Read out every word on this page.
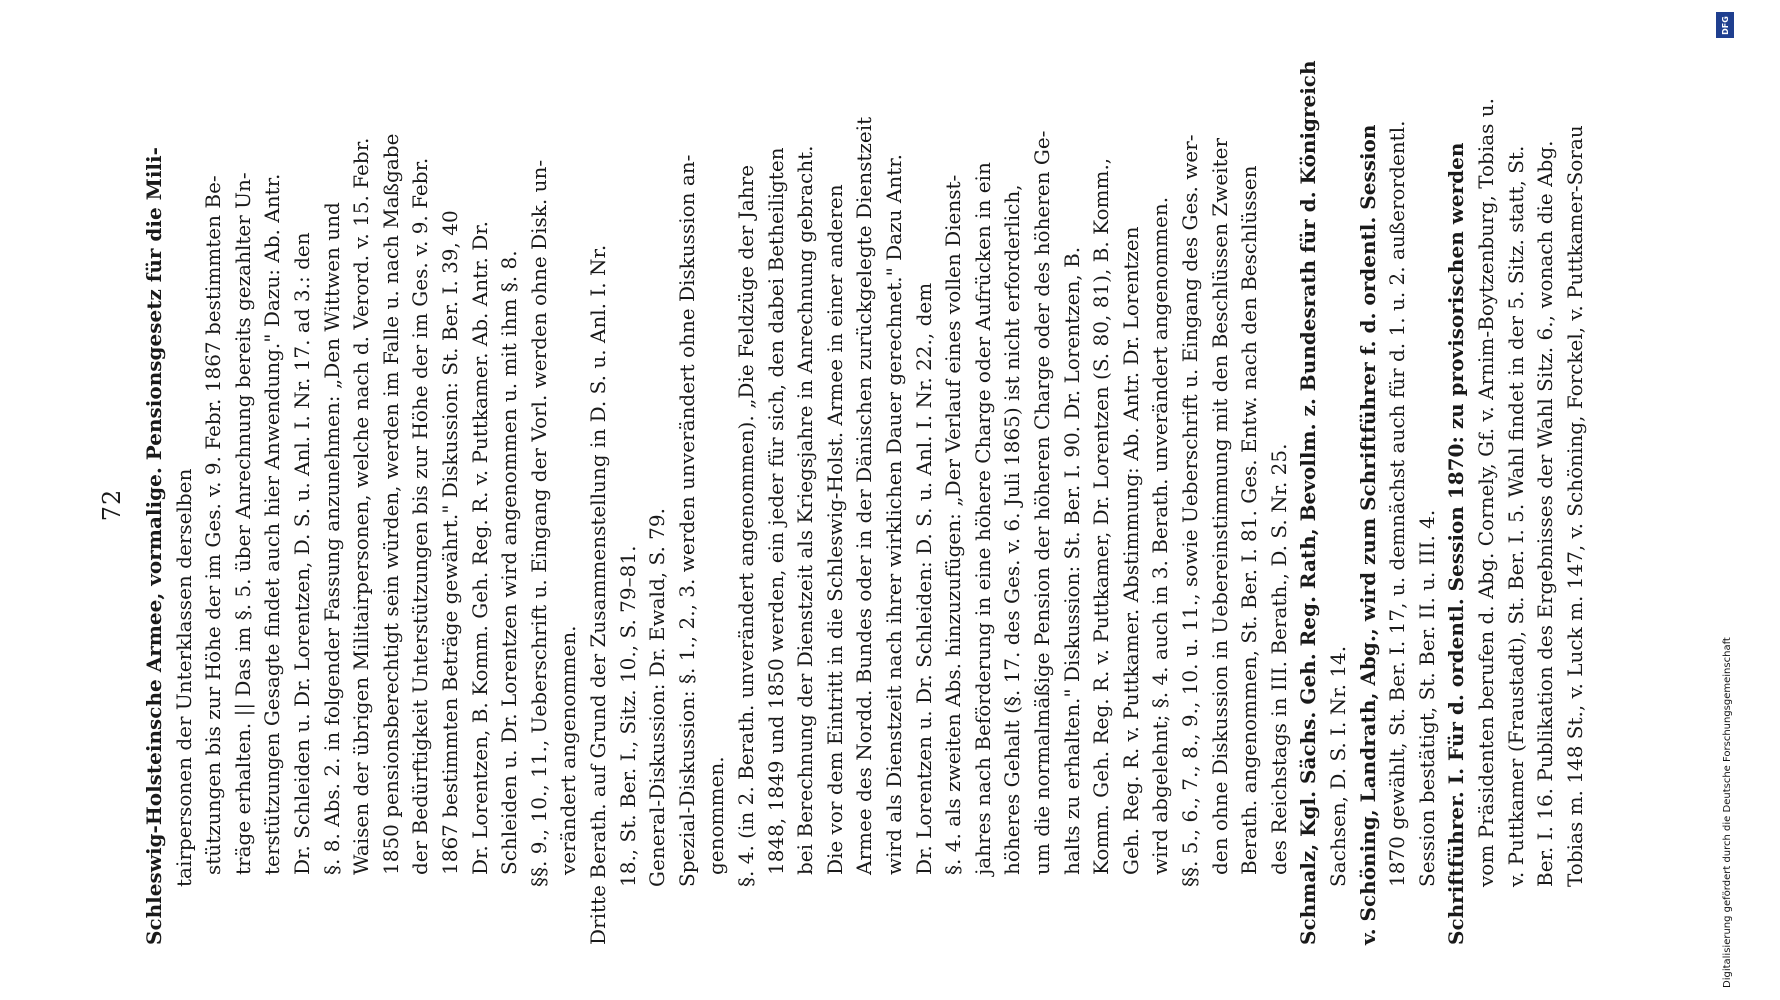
72 Schleswig-Holsteinsche Armee, vormalige. Pensionsgesetz für die Mili- tairpersonen der Unterklassen derselben stützungen bis zur Höhe der im Ges. v. 9. Febr. 1867 bestimmten Be- träge erhalten. || Das im §. 5. über Anrechnung bereits gezahlter Un- terstützungen Gesagte findet auch hier Anwendung." Dazu: Ab. Antr. Dr. Schleiden u. Dr. Lorentzen, D. S. u. Anl. I. Nr. 17. ad 3.: den §. 8. Abs. 2. in folgender Fassung anzunehmen: „Den Wittwen und Waisen der übrigen Militairpersonen, welche nach d. Verord. v. 15. Febr. 1850 pensionsberechtigt sein würden, werden im Falle u. nach Maßgabe der Bedürftigkeit Unterstützungen bis zur Höhe der im Ges. v. 9. Febr. 1867 bestimmten Beträge gewährt." Diskussion: St. Ber. I. 39, 40 Dr. Lorentzen, B. Komm. Geh. Reg. R. v. Puttkamer. Ab. Antr. Dr. Schleiden u. Dr. Lorentzen wird angenommen u. mit ihm §. 8. §§. 9., 10., 11., Ueberschrift u. Eingang der Vorl. werden ohne Disk. un- verändert angenommen. Dritte Berath. auf Grund der Zusammenstellung in D. S. u. Anl. I. Nr. 18., St. Ber. I., Sitz. 10., S. 79–81. General-Diskussion: Dr. Ewald, S. 79. Spezial-Diskussion: §. 1., 2., 3. werden unverändert ohne Diskussion an- genommen. §. 4. (in 2. Berath. unverändert angenommen). „Die Feldzüge der Jahre 1848, 1849 und 1850 werden, ein jeder für sich, den dabei Betheiligten bei Berechnung der Dienstzeit als Kriegsjahre in Anrechnung gebracht. Die vor dem Eintritt in die Schleswig-Holst. Armee in einer anderen Armee des Nordd. Bundes oder in der Dänischen zurückgelegte Dienstzeit wird als Dienstzeit nach ihrer wirklichen Dauer gerechnet." Dazu Antr. Dr. Lorentzen u. Dr. Schleiden: D. S. u. Anl. I. Nr. 22., dem §. 4. als zweiten Abs. hinzuzufügen: „Der Verlauf eines vollen Dienst- jahres nach Beförderung in eine höhere Charge oder Aufrücken in ein höheres Gehalt (§. 17. des Ges. v. 6. Juli 1865) ist nicht erforderlich, um die normalmäßige Pension der höheren Charge oder des höheren Ge- halts zu erhalten." Diskussion: St. Ber. I. 90. Dr. Lorentzen, B. Komm. Geh. Reg. R. v. Puttkamer, Dr. Lorentzen (S. 80, 81), B. Komm., Geh. Reg. R. v. Puttkamer. Abstimmung: Ab. Antr. Dr. Lorentzen wird abgelehnt; §. 4. auch in 3. Berath. unverändert angenommen. §§. 5., 6., 7., 8., 9., 10. u. 11., sowie Ueberschrift u. Eingang des Ges. wer- den ohne Diskussion in Uebereinstimmung mit den Beschlüssen Zweiter Berath. angenommen, St. Ber. I. 81. Ges. Entw. nach den Beschlüssen des Reichstags in III. Berath., D. S. Nr. 25. Schmalz, Kgl. Sächs. Geh. Reg. Rath, Bevollm. z. Bundesrath für d. Königreich Sachsen, D. S. I. Nr. 14. v. Schöning, Landrath, Abg., wird zum Schriftführer f. d. ordentl. Session 1870 gewählt, St. Ber. I. 17, u. demnächst auch für d. 1. u. 2. außerordentl. Session bestätigt, St. Ber. II. u. III. 4. Schriftführer. I. Für d. ordentl. Session 1870: zu provisorischen werden vom Präsidenten berufen d. Abg. Cornely, Gf. v. Arnim-Boytzenburg, Tobias u. v. Puttkamer (Fraustadt), St. Ber. I. 5. Wahl findet in der 5. Sitz. statt, St. Ber. I. 16. Publikation des Ergebnisses der Wahl Sitz. 6., wonach die Abg. Tobias m. 148 St., v. Luck m. 147, v. Schöning, Forckel, v. Puttkamer-Sorau	Digitalisierung gefördert durch die Deutsche Forschungsgemeinschaft
DFG
